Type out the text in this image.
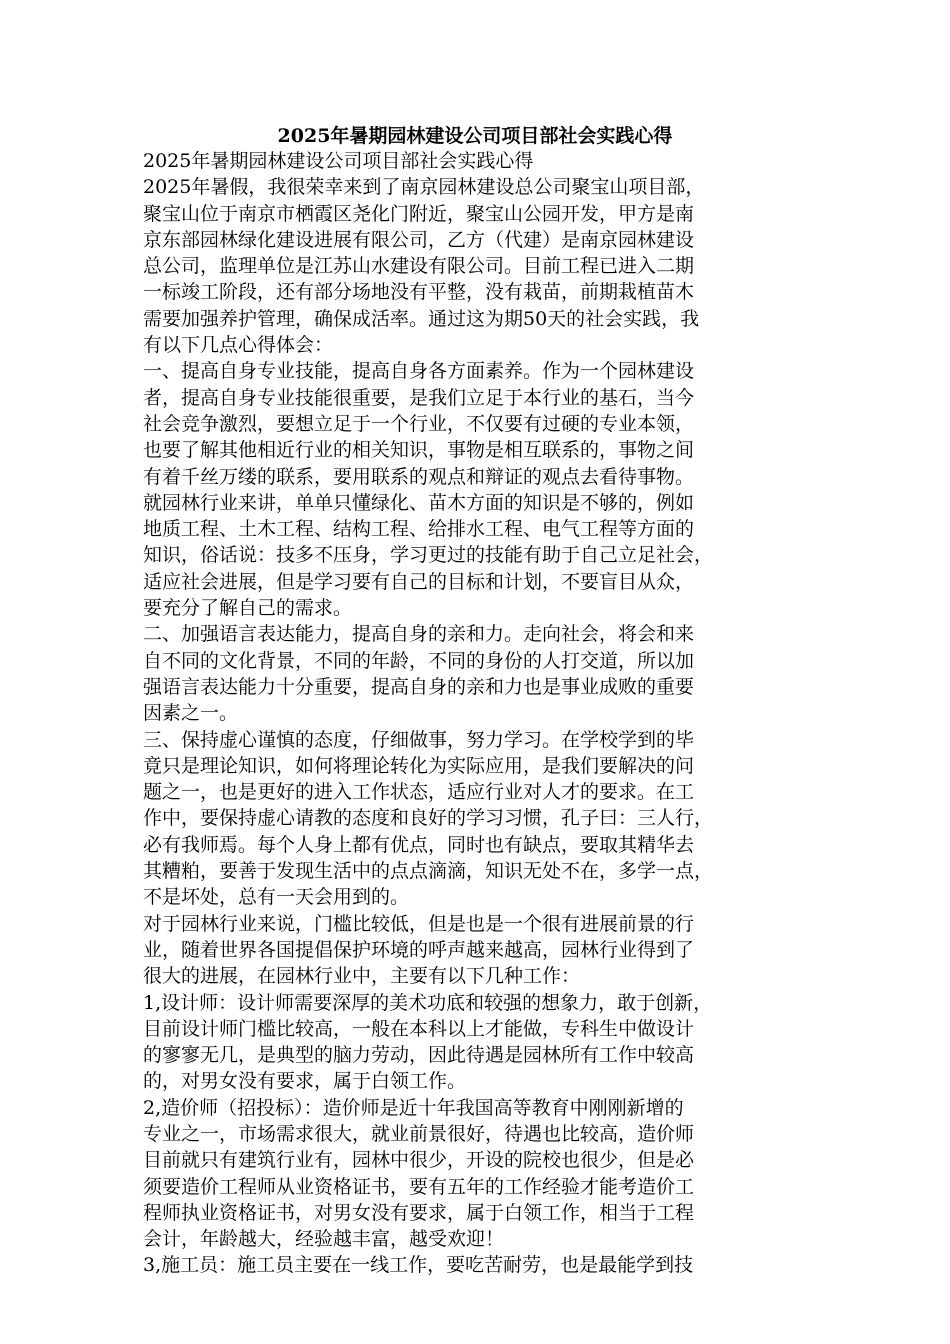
2025年暑期园林建设公司项目部社会实践心得
2025年暑期园林建设公司项目部社会实践心得
2025年暑假，我很荣幸来到了南京园林建设总公司聚宝山项目部，
聚宝山位于南京市栖霞区尧化门附近，聚宝山公园开发，甲方是南
京东部园林绿化建设进展有限公司，乙方（代建）是南京园林建设
总公司，监理单位是江苏山水建设有限公司。目前工程已进入二期
一标竣工阶段，还有部分场地没有平整，没有栽苗，前期栽植苗木
需要加强养护管理，确保成活率。通过这为期50天的社会实践，我
有以下几点心得体会：
一、提高自身专业技能，提高自身各方面素养。作为一个园林建设
者，提高自身专业技能很重要，是我们立足于本行业的基石，当今
社会竞争激烈，要想立足于一个行业，不仅要有过硬的专业本领，
也要了解其他相近行业的相关知识，事物是相互联系的，事物之间
有着千丝万缕的联系，要用联系的观点和辩证的观点去看待事物。
就园林行业来讲，单单只懂绿化、苗木方面的知识是不够的，例如
地质工程、土木工程、结构工程、给排水工程、电气工程等方面的
知识，俗话说：技多不压身，学习更过的技能有助于自己立足社会，
适应社会进展，但是学习要有自己的目标和计划，不要盲目从众，
要充分了解自己的需求。
二、加强语言表达能力，提高自身的亲和力。走向社会，将会和来
自不同的文化背景，不同的年龄，不同的身份的人打交道，所以加
强语言表达能力十分重要，提高自身的亲和力也是事业成败的重要
因素之一。
三、保持虚心谨慎的态度，仔细做事，努力学习。在学校学到的毕
竟只是理论知识，如何将理论转化为实际应用，是我们要解决的问
题之一，也是更好的进入工作状态，适应行业对人才的要求。在工
作中，要保持虚心请教的态度和良好的学习习惯，孔子曰：三人行，
必有我师焉。每个人身上都有优点，同时也有缺点，要取其精华去
其糟粕，要善于发现生活中的点点滴滴，知识无处不在，多学一点，
不是坏处，总有一天会用到的。
对于园林行业来说，门槛比较低，但是也是一个很有进展前景的行
业，随着世界各国提倡保护环境的呼声越来越高，园林行业得到了
很大的进展，在园林行业中，主要有以下几种工作：
1,设计师：设计师需要深厚的美术功底和较强的想象力，敢于创新，
目前设计师门槛比较高，一般在本科以上才能做，专科生中做设计
的寥寥无几，是典型的脑力劳动，因此待遇是园林所有工作中较高
的，对男女没有要求，属于白领工作。
2,造价师（招投标）：造价师是近十年我国高等教育中刚刚新增的
专业之一，市场需求很大，就业前景很好，待遇也比较高，造价师
目前就只有建筑行业有，园林中很少，开设的院校也很少，但是必
须要造价工程师从业资格证书，要有五年的工作经验才能考造价工
程师执业资格证书，对男女没有要求，属于白领工作，相当于工程
会计，年龄越大，经验越丰富，越受欢迎！
3,施工员：施工员主要在一线工作，要吃苦耐劳，也是最能学到技
